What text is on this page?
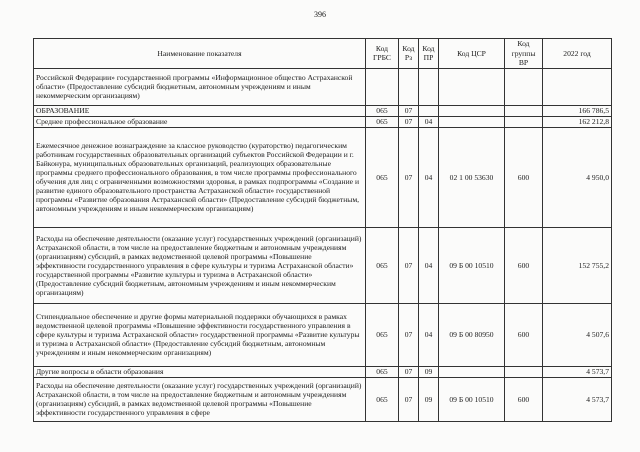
396
Наименование показателя	Код ГРБС	Код Рз	Код ПР	Код ЦСР	Код группы ВР	2022 год
Российской Федерации» государственной программы «Информационное общество Астраханской области» (Предоставление субсидий бюджетным, автономным учреждениям и иным некоммерческим организациям)						
ОБРАЗОВАНИЕ	065	07				166 786,5
Среднее профессиональное образование	065	07	04			162 212,8
Ежемесячное денежное вознаграждение за классное руководство (кураторство) педагогическим работникам государственных образовательных организаций субъектов Российской Федерации и г. Байконура, муниципальных образовательных организаций, реализующих образовательные программы среднего профессионального образования, в том числе программы профессионального обучения для лиц с ограниченными возможностями здоровья, в рамках подпрограммы «Создание и развитие единого образовательного пространства Астраханской области» государственной программы «Развитие образования Астраханской области» (Предоставление субсидий бюджетным, автономным учреждениям и иным некоммерческим организациям)	065	07	04	02 1 00 53630	600	4 950,0
Расходы на обеспечение деятельности (оказание услуг) государственных учреждений (организаций) Астраханской области, в том числе на предоставление бюджетным и автономным учреждениям (организациям) субсидий, в рамках ведомственной целевой программы «Повышение эффективности государственного управления в сфере культуры и туризма Астраханской области» государственной программы «Развитие культуры и туризма в Астраханской области» (Предоставление субсидий бюджетным, автономным учреждениям и иным некоммерческим организациям)	065	07	04	09 Б 00 10510	600	152 755,2
Стипендиальное обеспечение и другие формы материальной поддержки обучающихся в рамках ведомственной целевой программы «Повышение эффективности государственного управления в сфере культуры и туризма Астраханской области» государственной программы «Развитие культуры и туризма в Астраханской области» (Предоставление субсидий бюджетным, автономным учреждениям и иным некоммерческим организациям)	065	07	04	09 Б 00 80950	600	4 507,6
Другие вопросы в области образования	065	07	09			4 573,7
Расходы на обеспечение деятельности (оказание услуг) государственных учреждений (организаций) Астраханской области, в том числе на предоставление бюджетным и автономным учреждениям (организациям) субсидий, в рамках ведомственной целевой программы «Повышение эффективности государственного управления в сфере	065	07	09	09 Б 00 10510	600	4 573,7
